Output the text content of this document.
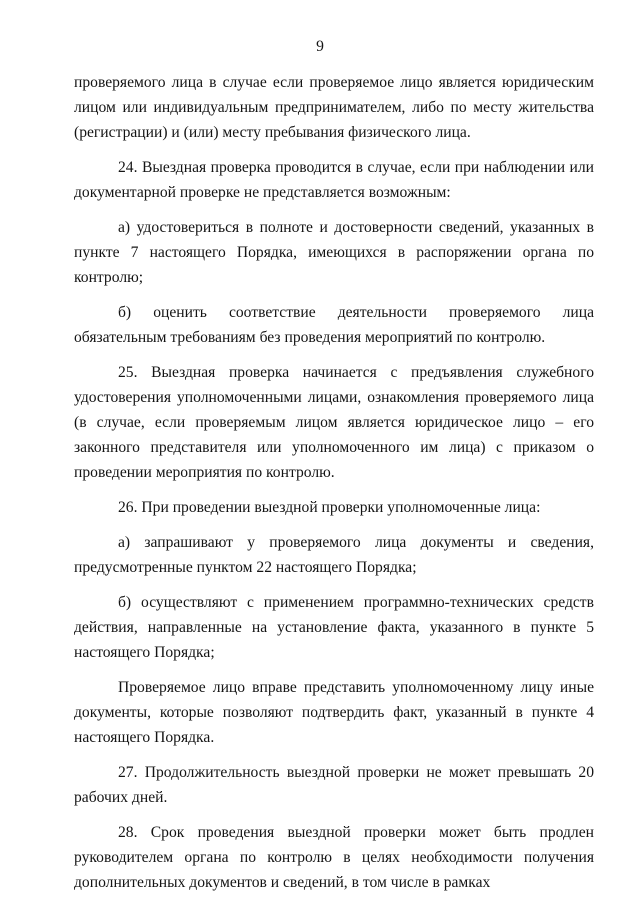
9

проверяемого лица в случае если проверяемое лицо является юридическим лицом или индивидуальным предпринимателем, либо по месту жительства (регистрации) и (или) месту пребывания физического лица.

24. Выездная проверка проводится в случае, если при наблюдении или документарной проверке не представляется возможным:

а) удостовериться в полноте и достоверности сведений, указанных в пункте 7 настоящего Порядка, имеющихся в распоряжении органа по контролю;

б) оценить соответствие деятельности проверяемого лица обязательным требованиям без проведения мероприятий по контролю.

25. Выездная проверка начинается с предъявления служебного удостоверения уполномоченными лицами, ознакомления проверяемого лица (в случае, если проверяемым лицом является юридическое лицо – его законного представителя или уполномоченного им лица) с приказом о проведении мероприятия по контролю.

26. При проведении выездной проверки уполномоченные лица:

а) запрашивают у проверяемого лица документы и сведения, предусмотренные пунктом 22 настоящего Порядка;

б) осуществляют с применением программно-технических средств действия, направленные на установление факта, указанного в пункте 5 настоящего Порядка;

Проверяемое лицо вправе представить уполномоченному лицу иные документы, которые позволяют подтвердить факт, указанный в пункте 4 настоящего Порядка.

27. Продолжительность выездной проверки не может превышать 20 рабочих дней.

28. Срок проведения выездной проверки может быть продлен руководителем органа по контролю в целях необходимости получения дополнительных документов и сведений, в том числе в рамках
